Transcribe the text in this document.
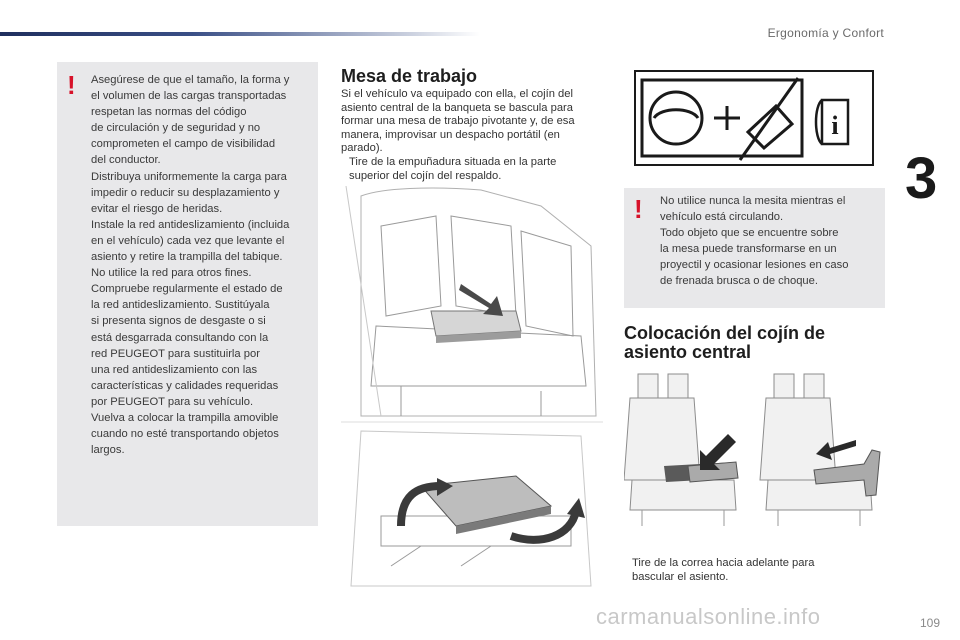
Ergonomía y Confort
3
! Asegúrese de que el tamaño, la forma y

el volumen de las cargas transportadas

respetan las normas del código

de circulación y de seguridad y no

comprometen el campo de visibilidad

del conductor.

Distribuya uniformemente la carga para

impedir o reducir su desplazamiento y

evitar el riesgo de heridas.

Instale la red antideslizamiento (incluida

en el vehículo) cada vez que levante el

asiento y retire la trampilla del tabique.

No utilice la red para otros fines.

Compruebe regularmente el estado de

la red antideslizamiento. Sustitúyala

si presenta signos de desgaste o si

está desgarrada consultando con la

red PEUGEOT para sustituirla por

una red antideslizamiento con las

características y calidades requeridas

por PEUGEOT para su vehículo.

Vuelva a colocar la trampilla amovible

cuando no esté transportando objetos

largos.

Mesa de trabajo

Si el vehículo va equipado con ella, el cojín del

asiento central de la banqueta se bascula para

formar una mesa de trabajo pivotante y, de esa

manera, improvisar un despacho portátil (en

parado).

Tire de la empuñadura situada en la parte

superior del cojín del respaldo.

i
! No utilice nunca la mesita mientras el

vehículo está circulando.

Todo objeto que se encuentre sobre

la mesa puede transformarse en un

proyectil y ocasionar lesiones en caso

de frenada brusca o de choque.

Colocación del cojín de
asiento central

Tire de la correa hacia adelante para

bascular el asiento.

carmanualsonline.info	109
